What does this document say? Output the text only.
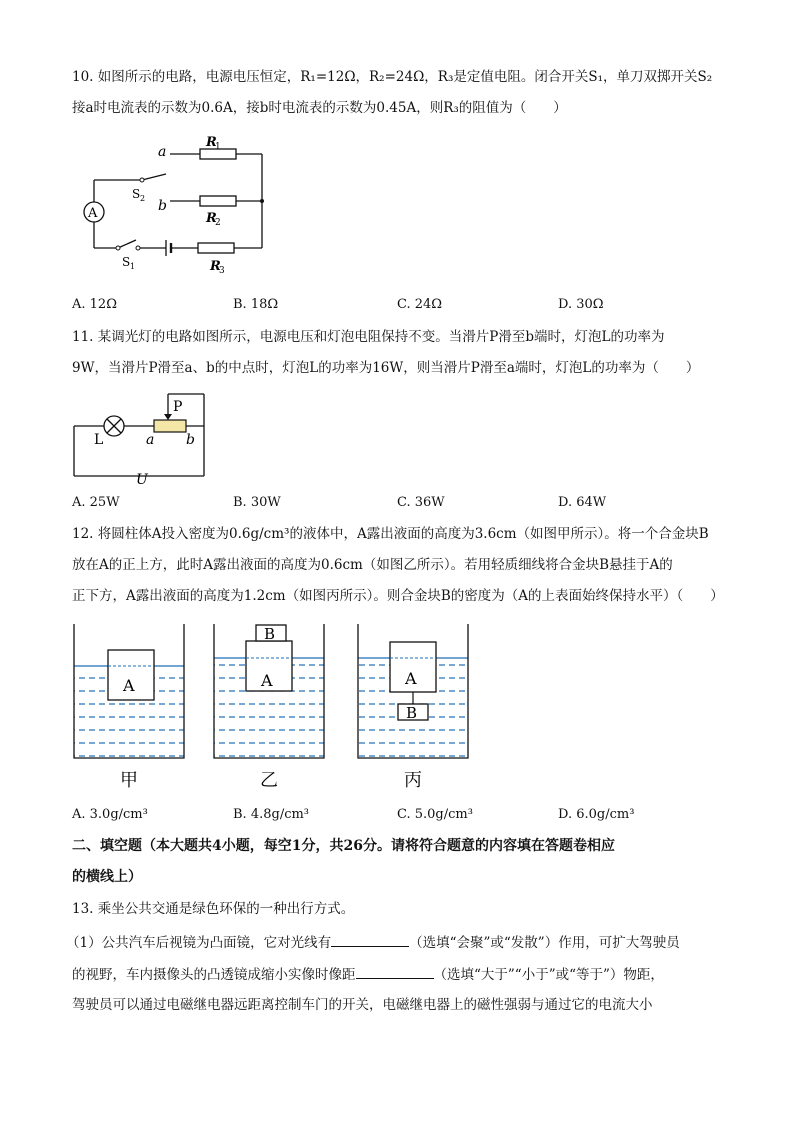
10. 如图所示的电路，电源电压恒定，R₁=12Ω，R₂=24Ω，R₃是定值电阻。闭合开关S₁，单刀双掷开关S₂
接a时电流表的示数为0.6A，接b时电流表的示数为0.45A，则R₃的阻值为（　　）
a
b
R
1
R
2
R
3
S 2
S 1
A
A. 12Ω	B. 18Ω	C. 24Ω	D. 30Ω
11. 某调光灯的电路如图所示，电源电压和灯泡电阻保持不变。当滑片P滑至b端时，灯泡L的功率为
9W，当滑片P滑至a、b的中点时，灯泡L的功率为16W，则当滑片P滑至a端时，灯泡L的功率为（　　）
P
L	a b
U
A. 25W	B. 30W	C. 36W	D. 64W
12. 将圆柱体A投入密度为0.6g/cm³的液体中，A露出液面的高度为3.6cm（如图甲所示）。将一个合金块B
放在A的正上方，此时A露出液面的高度为0.6cm（如图乙所示）。若用轻质细线将合金块B悬挂于A的
正下方，A露出液面的高度为1.2cm（如图丙所示）。则合金块B的密度为（A的上表面始终保持水平）（　　）
A	A
B
A
B
甲	乙	丙
A. 3.0g/cm³	B. 4.8g/cm³	C. 5.0g/cm³	D. 6.0g/cm³
二、填空题（本大题共4小题，每空1分，共26分。请将符合题意的内容填在答题卷相应
的横线上）
13. 乘坐公共交通是绿色环保的一种出行方式。
（1）公共汽车后视镜为凸面镜，它对光线有	（选填“会聚”或“发散”）作用，可扩大驾驶员
的视野，车内摄像头的凸透镜成缩小实像时像距	（选填“大于”“小于”或“等于”）物距，
驾驶员可以通过电磁继电器远距离控制车门的开关，电磁继电器上的磁性强弱与通过它的电流大小
